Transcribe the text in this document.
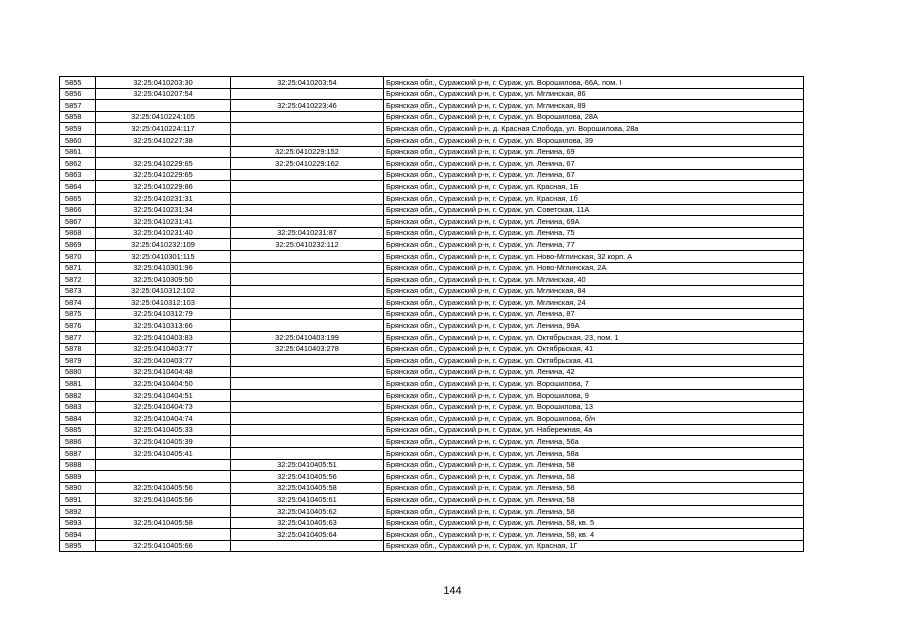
5855	32:25:0410203:30	32:25:0410203:54	Брянская обл., Суражский р-н, г. Сураж, ул. Ворошилова, 66А, пом. I
5856	32:25:0410207:54		Брянская обл., Суражский р-н, г. Сураж, ул. Мглинская, 86
5857		32:25:0410223:46	Брянская обл., Суражский р-н, г. Сураж, ул. Мглинская, 89
5858	32:25:0410224:105		Брянская обл., Суражский р-н, г. Сураж, ул. Ворошилова, 28А
5859	32:25:0410224:117		Брянская обл., Суражский р-н, д. Красная Слобода, ул. Ворошилова, 28а
5860	32:25:0410227:38		Брянская обл., Суражский р-н, г. Сураж, ул. Ворошилова, 39
5861		32:25:0410229:152	Брянская обл., Суражский р-н, г. Сураж, ул. Ленина, 69
5862	32:25:0410229:65	32:25:0410229:162	Брянская обл., Суражский р-н, г. Сураж, ул. Ленина, 67
5863	32:25:0410229:65		Брянская обл., Суражский р-н, г. Сураж, ул. Ленина, 67
5864	32:25:0410229:86		Брянская обл., Суражский р-н, г. Сураж, ул. Красная, 1Б
5865	32:25:0410231:31		Брянская обл., Суражский р-н, г. Сураж, ул. Красная, 1б
5866	32:25:0410231:34		Брянская обл., Суражский р-н, г. Сураж, ул. Советская, 11А
5867	32:25:0410231:41		Брянская обл., Суражский р-н, г. Сураж, ул. Ленина, 69А
5868	32:25:0410231:40	32:25:0410231:87	Брянская обл., Суражский р-н, г. Сураж, ул. Ленина, 75
5869	32:25:0410232:109	32:25:0410232:112	Брянская обл., Суражский р-н, г. Сураж, ул. Ленина, 77
5870	32:25:0410301:115		Брянская обл., Суражский р-н, г. Сураж, ул. Ново-Мглинская, 32 корп. А
5871	32:25:0410301:96		Брянская обл., Суражский р-н, г. Сураж, ул. Ново-Мглинская, 2А
5872	32:25:0410309:50		Брянская обл., Суражский р-н, г. Сураж, ул. Мглинская, 40
5873	32:25:0410312:102		Брянская обл., Суражский р-н, г. Сураж, ул. Мглинская, 84
5874	32:25:0410312:103		Брянская обл., Суражский р-н, г. Сураж, ул. Мглинская, 24
5875	32:25:0410312:79		Брянская обл., Суражский р-н, г. Сураж, ул. Ленина, 87
5876	32:25:0410313:66		Брянская обл., Суражский р-н, г. Сураж, ул. Ленина, 99А
5877	32:25:0410403:83	32:25:0410403:199	Брянская обл., Суражский р-н, г. Сураж, ул. Октябрьская, 23, пом. 1
5878	32:25:0410403:77	32:25:0410403:278	Брянская обл., Суражский р-н, г. Сураж, ул. Октябрьская, 41
5879	32:25:0410403:77		Брянская обл., Суражский р-н, г. Сураж, ул. Октябрьская, 41
5880	32:25:0410404:48		Брянская обл., Суражский р-н, г. Сураж, ул. Ленина, 42
5881	32:25:0410404:50		Брянская обл., Суражский р-н, г. Сураж, ул. Ворошилова, 7
5882	32:25:0410404:51		Брянская обл., Суражский р-н, г. Сураж, ул. Ворошилова, 9
5883	32:25:0410404:73		Брянская обл., Суражский р-н, г. Сураж, ул. Ворошилова, 13
5884	32:25:0410404:74		Брянская обл., Суражский р-н, г. Сураж, ул. Ворошилова, б/н
5885	32:25:0410405:33		Брянская обл., Суражский р-н, г. Сураж, ул. Набережная, 4а
5886	32:25:0410405:39		Брянская обл., Суражский р-н, г. Сураж, ул. Ленина, 56а
5887	32:25:0410405:41		Брянская обл., Суражский р-н, г. Сураж, ул. Ленина, 58а
5888		32:25:0410405:51	Брянская обл., Суражский р-н, г. Сураж, ул. Ленина, 58
5889		32:25:0410405:56	Брянская обл., Суражский р-н, г. Сураж, ул. Ленина, 58
5890	32:25:0410405:56	32:25:0410405:58	Брянская обл., Суражский р-н, г. Сураж, ул. Ленина, 58
5891	32:25:0410405:56	32:25:0410405:61	Брянская обл., Суражский р-н, г. Сураж, ул. Ленина, 58
5892		32:25:0410405:62	Брянская обл., Суражский р-н, г. Сураж, ул. Ленина, 58
5893	32:25:0410405:58	32:25:0410405:63	Брянская обл., Суражский р-н, г. Сураж, ул. Ленина, 58, кв. 5
5894		32:25:0410405:64	Брянская обл., Суражский р-н, г. Сураж, ул. Ленина, 58, кв. 4
5895	32:25:0410405:66		Брянская обл., Суражский р-н, г. Сураж, ул. Красная, 1Г
144
